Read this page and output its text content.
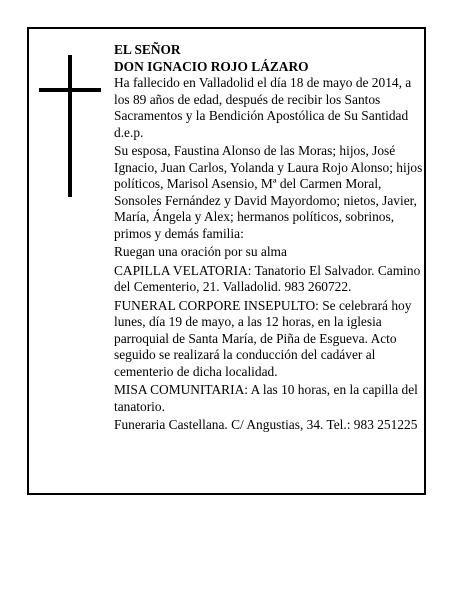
EL SEÑOR

DON IGNACIO ROJO LÁZARO

Ha fallecido en Valladolid el día 18 de mayo de 2014, a los 89 años de edad, después de recibir los Santos Sacramentos y la Bendición Apostólica de Su Santidad d.e.p.

Su esposa, Faustina Alonso de las Moras; hijos, José Ignacio, Juan Carlos, Yolanda y Laura Rojo Alonso; hijos políticos, Marisol Asensio, Mª del Carmen Moral, Sonsoles Fernández y David Mayordomo; nietos, Javier, María, Ángela y Alex; hermanos políticos, sobrinos, primos y demás familia:

Ruegan una oración por su alma

CAPILLA VELATORIA: Tanatorio El Salvador. Camino del Cementerio, 21. Valladolid. 983 260722.

FUNERAL CORPORE INSEPULTO: Se celebrará hoy lunes, día 19 de mayo, a las 12 horas, en la iglesia parroquial de Santa María, de Piña de Esgueva. Acto seguido se realizará la conducción del cadáver al cementerio de dicha localidad.

MISA COMUNITARIA: A las 10 horas, en la capilla del tanatorio.

Funeraria Castellana. C/ Angustias, 34. Tel.: 983 251225
